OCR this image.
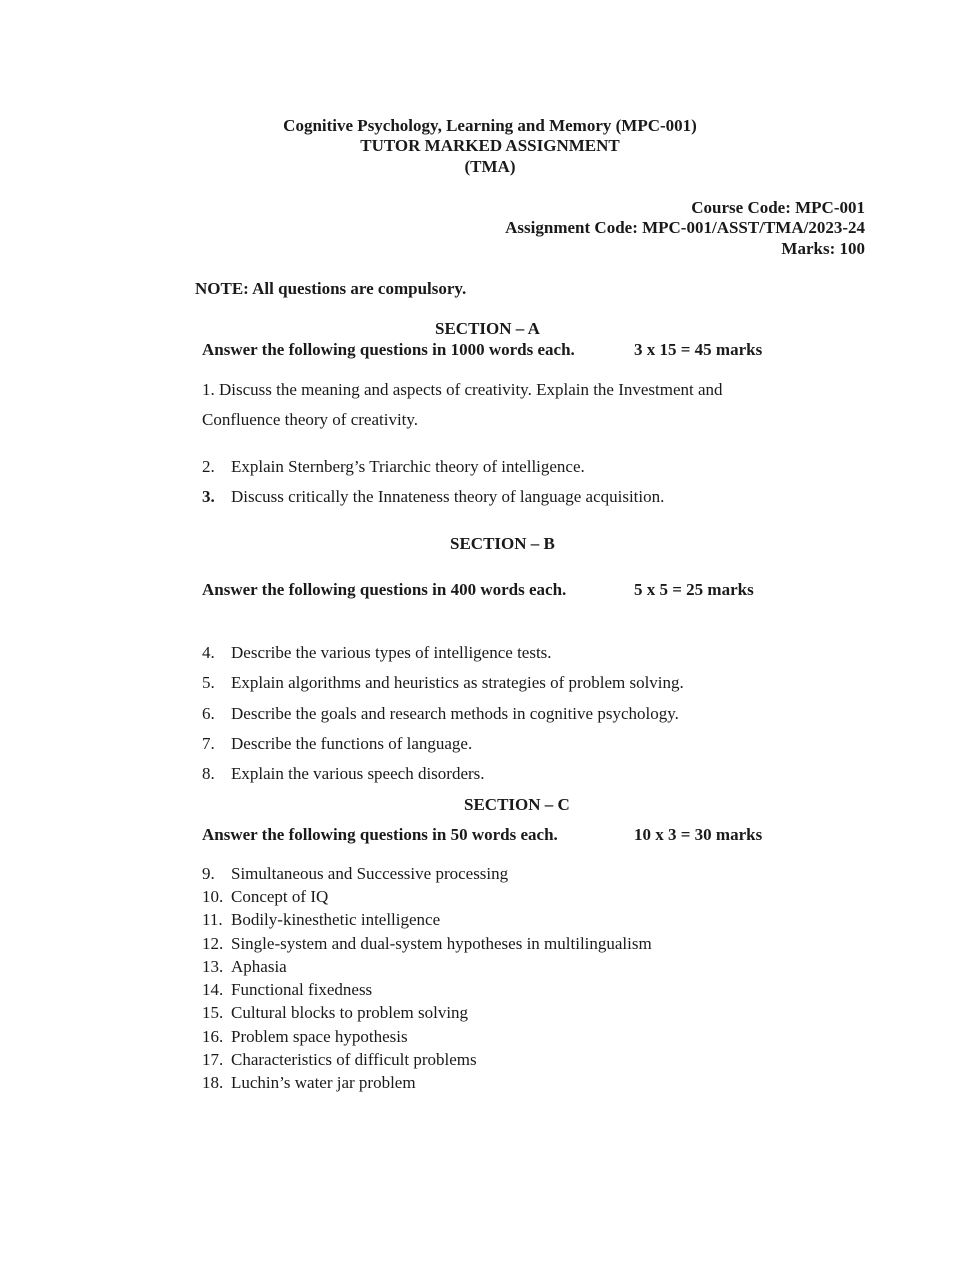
Cognitive Psychology, Learning and Memory (MPC-001)
TUTOR MARKED ASSIGNMENT
(TMA)
Course Code: MPC-001
Assignment Code: MPC-001/ASST/TMA/2023-24
Marks: 100
NOTE: All questions are compulsory.
SECTION – A
Answer the following questions in 1000 words each.	3 x 15 = 45 marks
1. Discuss the meaning and aspects of creativity. Explain the Investment and
Confluence theory of creativity.
2. Explain Sternberg’s Triarchic theory of intelligence.
3. Discuss critically the Innateness theory of language acquisition.
SECTION – B
Answer the following questions in 400 words each.	5 x 5 = 25 marks
4. Describe the various types of intelligence tests.
5. Explain algorithms and heuristics as strategies of problem solving.
6. Describe the goals and research methods in cognitive psychology.
7. Describe the functions of language.
8. Explain the various speech disorders.
SECTION – C
Answer the following questions in 50 words each.	10 x 3 = 30 marks
9. Simultaneous and Successive processing
10. Concept of IQ
11. Bodily-kinesthetic intelligence
12. Single-system and dual-system hypotheses in multilingualism
13. Aphasia
14. Functional fixedness
15. Cultural blocks to problem solving
16. Problem space hypothesis
17. Characteristics of difficult problems
18. Luchin’s water jar problem
